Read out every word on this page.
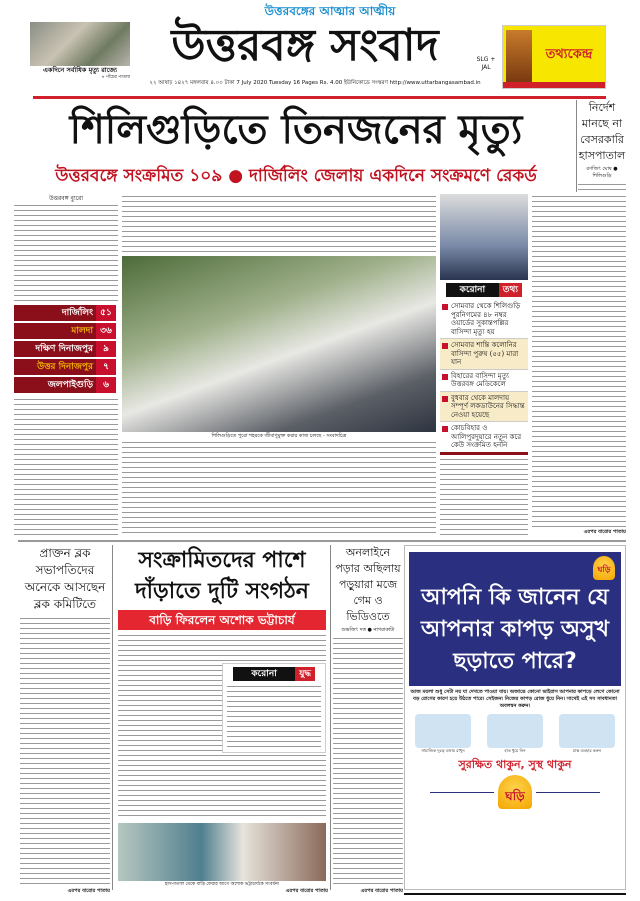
একদিনে সর্বাধিক মৃত্যু রাজ্যে
» পাঁচের পাতায়
উত্তরবঙ্গের আত্মার আত্মীয়
উত্তরবঙ্গ সংবাদ	SLG + JAL
২২ আষাঢ় ১৪২৭ মঙ্গলবার ৪.০০ টাকা 7 July 2020 Tuesday 16 Pages Rs. 4.00 ইউনিকোডে সংস্করণ http://www.uttarbangasambad.in
তথ্যকেন্দ্র
শিলিগুড়িতে তিনজনের মৃত্যু
উত্তরবঙ্গে সংক্রমিত ১০৯ ● দার্জিলিং জেলায় একদিনে সংক্রমণে রেকর্ড
নির্দেশ মানছে না বেসরকারি হাসপাতাল
রণজিৎ ঘোষ ● শিলিগুড়ি
উত্তরবঙ্গ ব্যুরো
দার্জিলিং	৫১
মালদা	৩৬
দক্ষিণ দিনাজপুর	৯
উত্তর দিনাজপুর	৭
জলপাইগুড়ি	৬
শিলিগুড়িতে পুরো শহরকে জীবাণুমুক্ত করার কাজ চলছে - সংবাদচিত্র
করোনা	তথ্য
সোমবার থেকে শিলিগুড়ি পুরনিগমের ৪৮ নম্বর ওয়ার্ডের সুকান্তপল্লির বাসিন্দা মৃত্যু হয়
সোমবার শান্তি কলোনির বাসিন্দা পুরুষ (৫৫) মারা যান
বিহারের বাসিন্দা মৃত্যু উত্তরবঙ্গ মেডিকেলে
বুধবার থেকে মালদায় সম্পূর্ণ লকডাউনের সিদ্ধান্ত নেওয়া হয়েছে
কোচবিহার ও আলিপুরদুয়ারে নতুন করে কেউ সংক্রমিত হননি
এরপর বারোর পাতায়
প্রাক্তন ব্লক সভাপতিদের অনেকে আসছেন ব্লক কমিটিতে
এরপর বারোর পাতায়
সংক্রামিতদের পাশে দাঁড়াতে দুটি সংগঠন
বাড়ি ফিরলেন অশোক ভট্টাচার্য
করোনা	যুদ্ধ
হাসপাতাল থেকে বাড়ি ফেরার আগে অশোক ভট্টাচার্যকে সংবর্ধনা
এরপর বারোর পাতায়
অনলাইনে পড়ার অছিলায় পড়ুয়ারা মজে গেম ও ভিডিওতে
শুভজিৎ দত্ত ● নাগরাকাটা
এরপর বারোর পাতায়
ঘড়ি
আপনি কি জানেন যে আপনার কাপড় অসুখ ছড়াতে পারে?
আজ ময়লা শুধু সেটা নয় যা দেখতে পাওয়া যায়। অজান্তে কোনো ভাইরাস আপনার কাপড়ে লেগে কোনো বড় রোগের কারণ হয়ে উঠতে পারে। সেইজন্য নিজের কাপড় রোজ ধুয়ে নিন। সাথেই এই সব সাবধানতা অবলম্বন করুন।
সামাজিক দূরত্ব বজায় রাখুন	হাত ধুয়ে নিন	মাস্ক ব্যবহার করুন
সুরক্ষিত থাকুন, সুস্থ থাকুন
ঘড়ি
